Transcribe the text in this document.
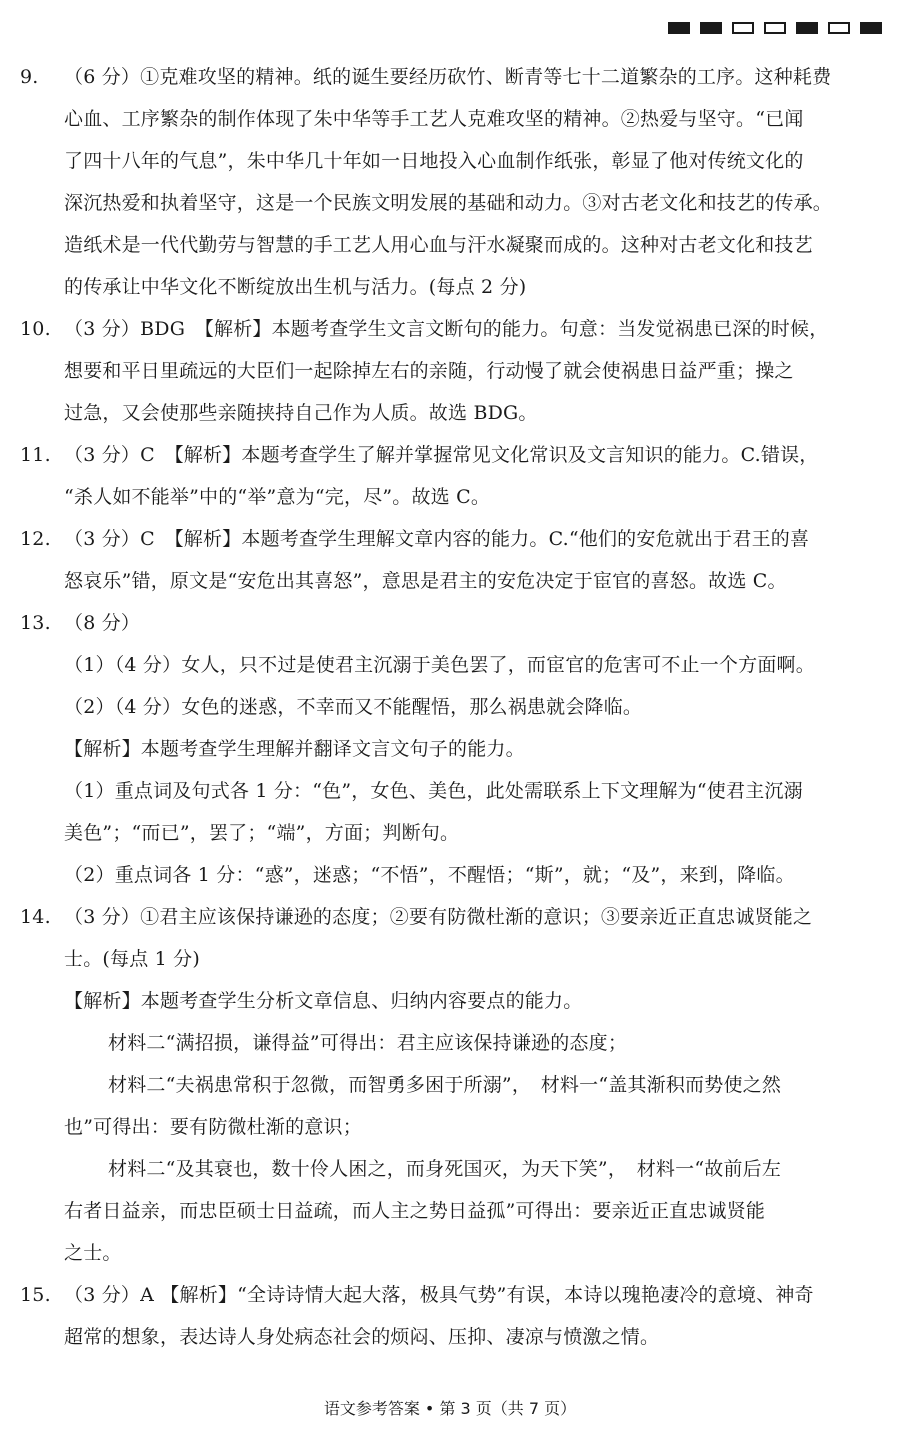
9. （6 分）①克难攻坚的精神。纸的诞生要经历砍竹、断青等七十二道繁杂的工序。这种耗费
心血、工序繁杂的制作体现了朱中华等手工艺人克难攻坚的精神。②热爱与坚守。“已闻
了四十八年的气息”，朱中华几十年如一日地投入心血制作纸张，彰显了他对传统文化的
深沉热爱和执着坚守，这是一个民族文明发展的基础和动力。③对古老文化和技艺的传承。
造纸术是一代代勤劳与智慧的手工艺人用心血与汗水凝聚而成的。这种对古老文化和技艺
的传承让中华文化不断绽放出生机与活力。(每点 2 分)
10. （3 分）BDG　【解析】本题考查学生文言文断句的能力。句意：当发觉祸患已深的时候，
想要和平日里疏远的大臣们一起除掉左右的亲随，行动慢了就会使祸患日益严重；操之
过急，又会使那些亲随挟持自己作为人质。故选 BDG。
11. （3 分）C　【解析】本题考查学生了解并掌握常见文化常识及文言知识的能力。C.错误，
“杀人如不能举”中的“举”意为“完，尽”。故选 C。
12. （3 分）C　【解析】本题考查学生理解文章内容的能力。C.“他们的安危就出于君王的喜
怒哀乐”错，原文是“安危出其喜怒”，意思是君主的安危决定于宦官的喜怒。故选 C。
13. （8 分）
（1）（4 分）女人，只不过是使君主沉溺于美色罢了，而宦官的危害可不止一个方面啊。
（2）（4 分）女色的迷惑，不幸而又不能醒悟，那么祸患就会降临。
【解析】本题考查学生理解并翻译文言文句子的能力。
（1）重点词及句式各 1 分：“色”，女色、美色，此处需联系上下文理解为“使君主沉溺
美色”；“而已”，罢了；“端”，方面；判断句。
（2）重点词各 1 分：“惑”，迷惑；“不悟”，不醒悟；“斯”，就；“及”，来到，降临。
14. （3 分）①君主应该保持谦逊的态度；②要有防微杜渐的意识；③要亲近正直忠诚贤能之
士。(每点 1 分)
【解析】本题考查学生分析文章信息、归纳内容要点的能力。
材料二“满招损，谦得益”可得出：君主应该保持谦逊的态度；
材料二“夫祸患常积于忽微，而智勇多困于所溺”，　材料一“盖其渐积而势使之然
也”可得出：要有防微杜渐的意识；
材料二“及其衰也，数十伶人困之，而身死国灭，为天下笑”，　材料一“故前后左
右者日益亲，而忠臣硕士日益疏，而人主之势日益孤”可得出：要亲近正直忠诚贤能
之士。
15. （3 分）A 【解析】“全诗诗情大起大落，极具气势”有误，本诗以瑰艳凄冷的意境、神奇
超常的想象，表达诗人身处病态社会的烦闷、压抑、凄凉与愤激之情。
语文参考答案 • 第 3 页（共 7 页）
